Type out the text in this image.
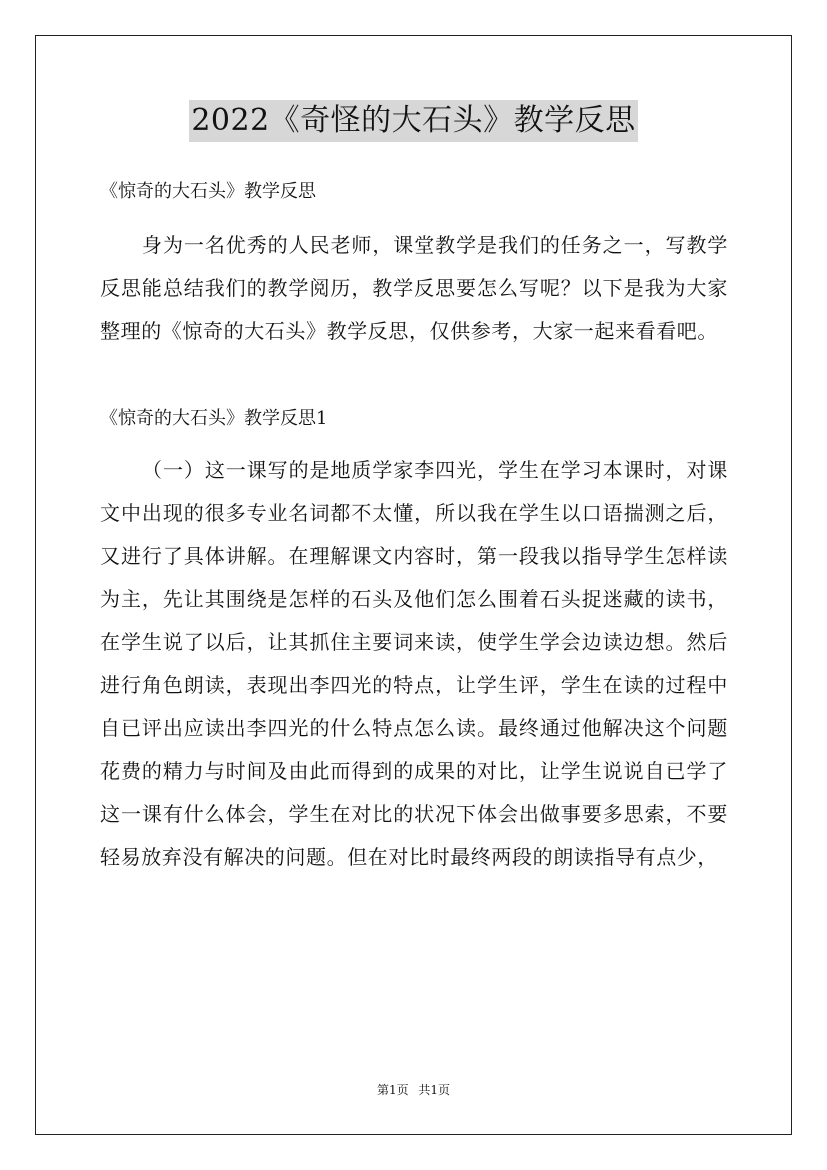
2022《奇怪的大石头》教学反思

《惊奇的大石头》教学反思

身为一名优秀的人民老师，课堂教学是我们的任务之一，写教学反思能总结我们的教学阅历，教学反思要怎么写呢？以下是我为大家整理的《惊奇的大石头》教学反思，仅供参考，大家一起来看看吧。

《惊奇的大石头》教学反思1

（一）这一课写的是地质学家李四光，学生在学习本课时，对课文中出现的很多专业名词都不太懂，所以我在学生以口语揣测之后，又进行了具体讲解。在理解课文内容时，第一段我以指导学生怎样读为主，先让其围绕是怎样的石头及他们怎么围着石头捉迷藏的读书，在学生说了以后，让其抓住主要词来读，使学生学会边读边想。然后进行角色朗读，表现出李四光的特点，让学生评，学生在读的过程中自已评出应读出李四光的什么特点怎么读。最终通过他解决这个问题花费的精力与时间及由此而得到的成果的对比，让学生说说自已学了这一课有什么体会，学生在对比的状况下体会出做事要多思索，不要轻易放弃没有解决的问题。但在对比时最终两段的朗读指导有点少，

第1页 共1页
